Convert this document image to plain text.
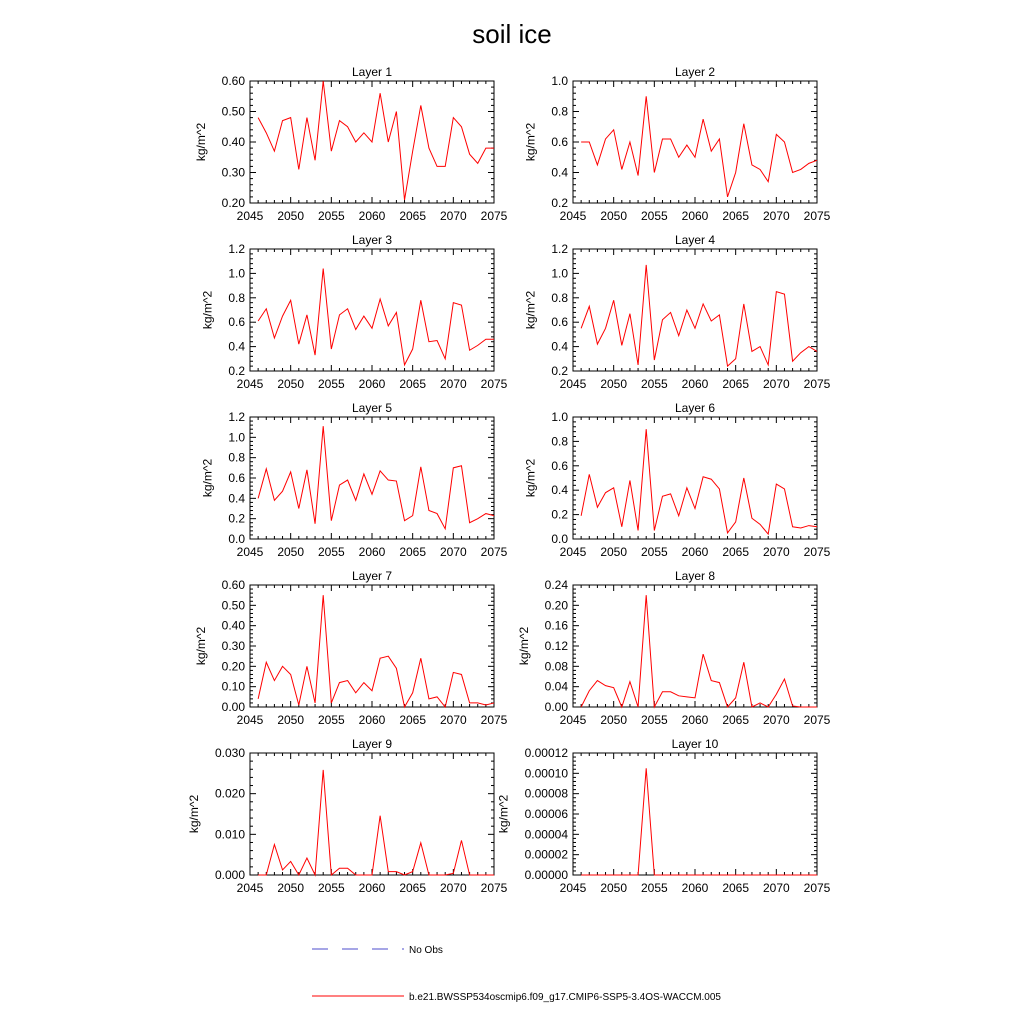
soil ice
Layer 1
2045 2050 2055 2060 2065 2070 2075
0.20
0.30
0.40
0.50
0.60
kg/m^2
Layer 2
2045 2050 2055 2060 2065 2070 2075
0.2
0.4
0.6
0.8
1.0
kg/m^2
Layer 3
2045 2050 2055 2060 2065 2070 2075
0.2
0.4
0.6
0.8
1.0
1.2
kg/m^2
Layer 4
2045 2050 2055 2060 2065 2070 2075
0.2
0.4
0.6
0.8
1.0
1.2
kg/m^2
Layer 5
2045 2050 2055 2060 2065 2070 2075
0.0
0.2
0.4
0.6
0.8
1.0
1.2
kg/m^2
Layer 6
2045 2050 2055 2060 2065 2070 2075
0.0
0.2
0.4
0.6
0.8
1.0
kg/m^2
Layer 7
2045 2050 2055 2060 2065 2070 2075
0.00
0.10
0.20
0.30
0.40
0.50
0.60
kg/m^2
Layer 8
2045 2050 2055 2060 2065 2070 2075
0.00
0.04
0.08
0.12
0.16
0.20
0.24
kg/m^2
Layer 9
2045 2050 2055 2060 2065 2070 2075
0.000
0.010
0.020
0.030
kg/m^2
Layer 10
2045 2050 2055 2060 2065 2070 2075
0.00000
0.00002
0.00004
0.00006
0.00008
0.00010
0.00012
kg/m^2
No Obs
b.e21.BWSSP534oscmip6.f09_g17.CMIP6-SSP5-3.4OS-WACCM.005
